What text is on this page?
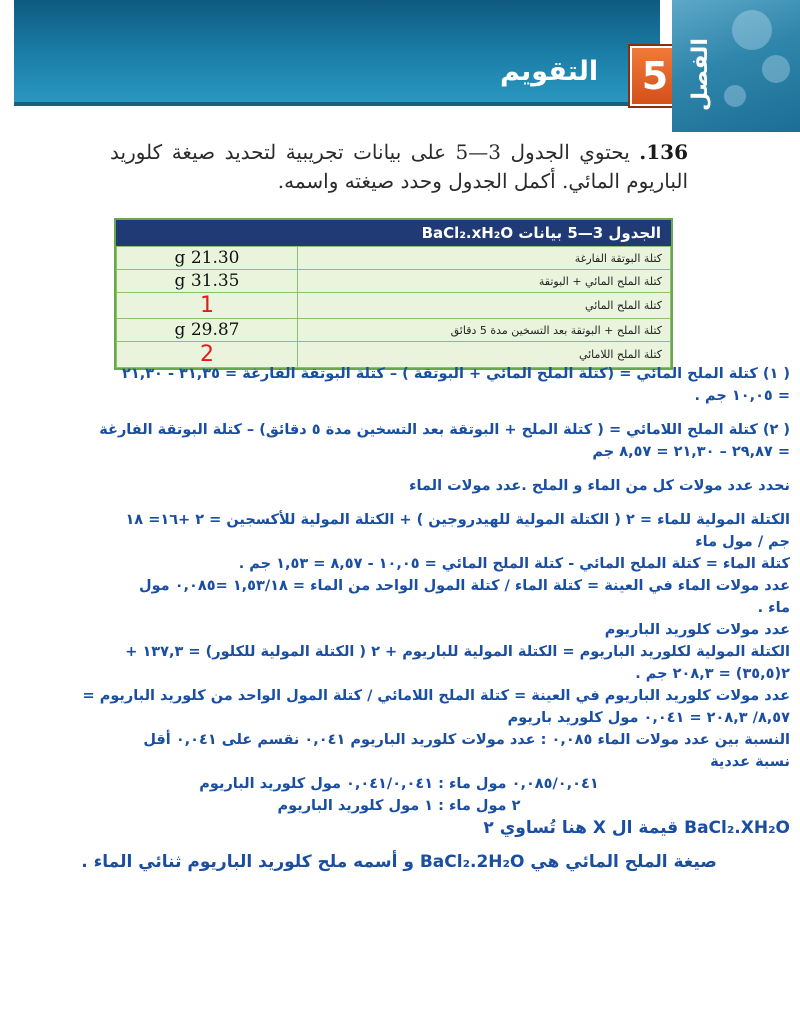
التقويم	5 الفصل
136. يحتوي الجدول 3—5 على بيانات تجريبية لتحديد صيغة كلوريد الباريوم المائي. أكمل الجدول وحدد صيغته واسمه.
الجدول 3—5 بيانات BaCl₂.xH₂O
كتلة البوتقة الفارغة	21.30 g
كتلة الملح المائي + البوتقة	31.35 g
كتلة الملح المائي	1
كتلة الملح + البوتقة بعد التسخين مدة 5 دقائق	29.87 g
كتلة الملح اللامائي	2

( ١) كتلة الملح المائي = (كتلة الملح المائي + البوتقة ) – كتلة البوتقة الفارغة = ٣١,٣٥ - ٢١,٣٠

= ١٠,٠٥ جم .

( ٢) كتلة الملح اللامائي = ( كتلة الملح + البوتقة بعد التسخين مدة ٥ دقائق) – كتلة البوتقة الفارغة

= ٢٩,٨٧ – ٢١,٣٠ = ٨,٥٧ جم

نحدد عدد مولات كل من الماء و الملح .عدد مولات الماء

الكتلة المولية للماء = ٢ ( الكتلة المولية للهيدروجين ) + الكتلة المولية للأكسجين = ٢ +١٦= ١٨

جم / مول ماء

كتلة الماء = كتلة الملح المائي - كتلة الملح المائي = ١٠,٠٥ - ٨,٥٧ = ١,٥٣ جم .

عدد مولات الماء في العينة = كتلة الماء / كتلة المول الواحد من الماء = ١,٥٣/١٨ =٠,٠٨٥ مول

ماء .

عدد مولات كلوريد الباريوم

الكتلة المولية لكلوريد الباريوم = الكتلة المولية للباريوم + ٢ ( الكتلة المولية للكلور) = ١٣٧,٣ +

٢(٣٥,٥) = ٢٠٨,٣ جم .

عدد مولات كلوريد الباريوم في العينة = كتلة الملح اللامائي / كتلة المول الواحد من كلوريد الباريوم =

٨,٥٧/ ٢٠٨,٣ = ٠,٠٤١ مول كلوريد باريوم

النسبة بين عدد مولات الماء ٠,٠٨٥ : عدد مولات كلوريد الباريوم ٠,٠٤١ نقسم على ٠,٠٤١ أقل

نسبة عددية

٠,٠٨٥/٠,٠٤١ مول ماء : ٠,٠٤١/٠,٠٤١ مول كلوريد الباريوم

٢ مول ماء : ١ مول كلوريد الباريوم

BaCl₂.XH₂O قيمة ال X هنا تُساوي ٢

صيغة الملح المائي هي BaCl₂.2H₂O و أسمه ملح كلوريد الباريوم ثنائي الماء .
